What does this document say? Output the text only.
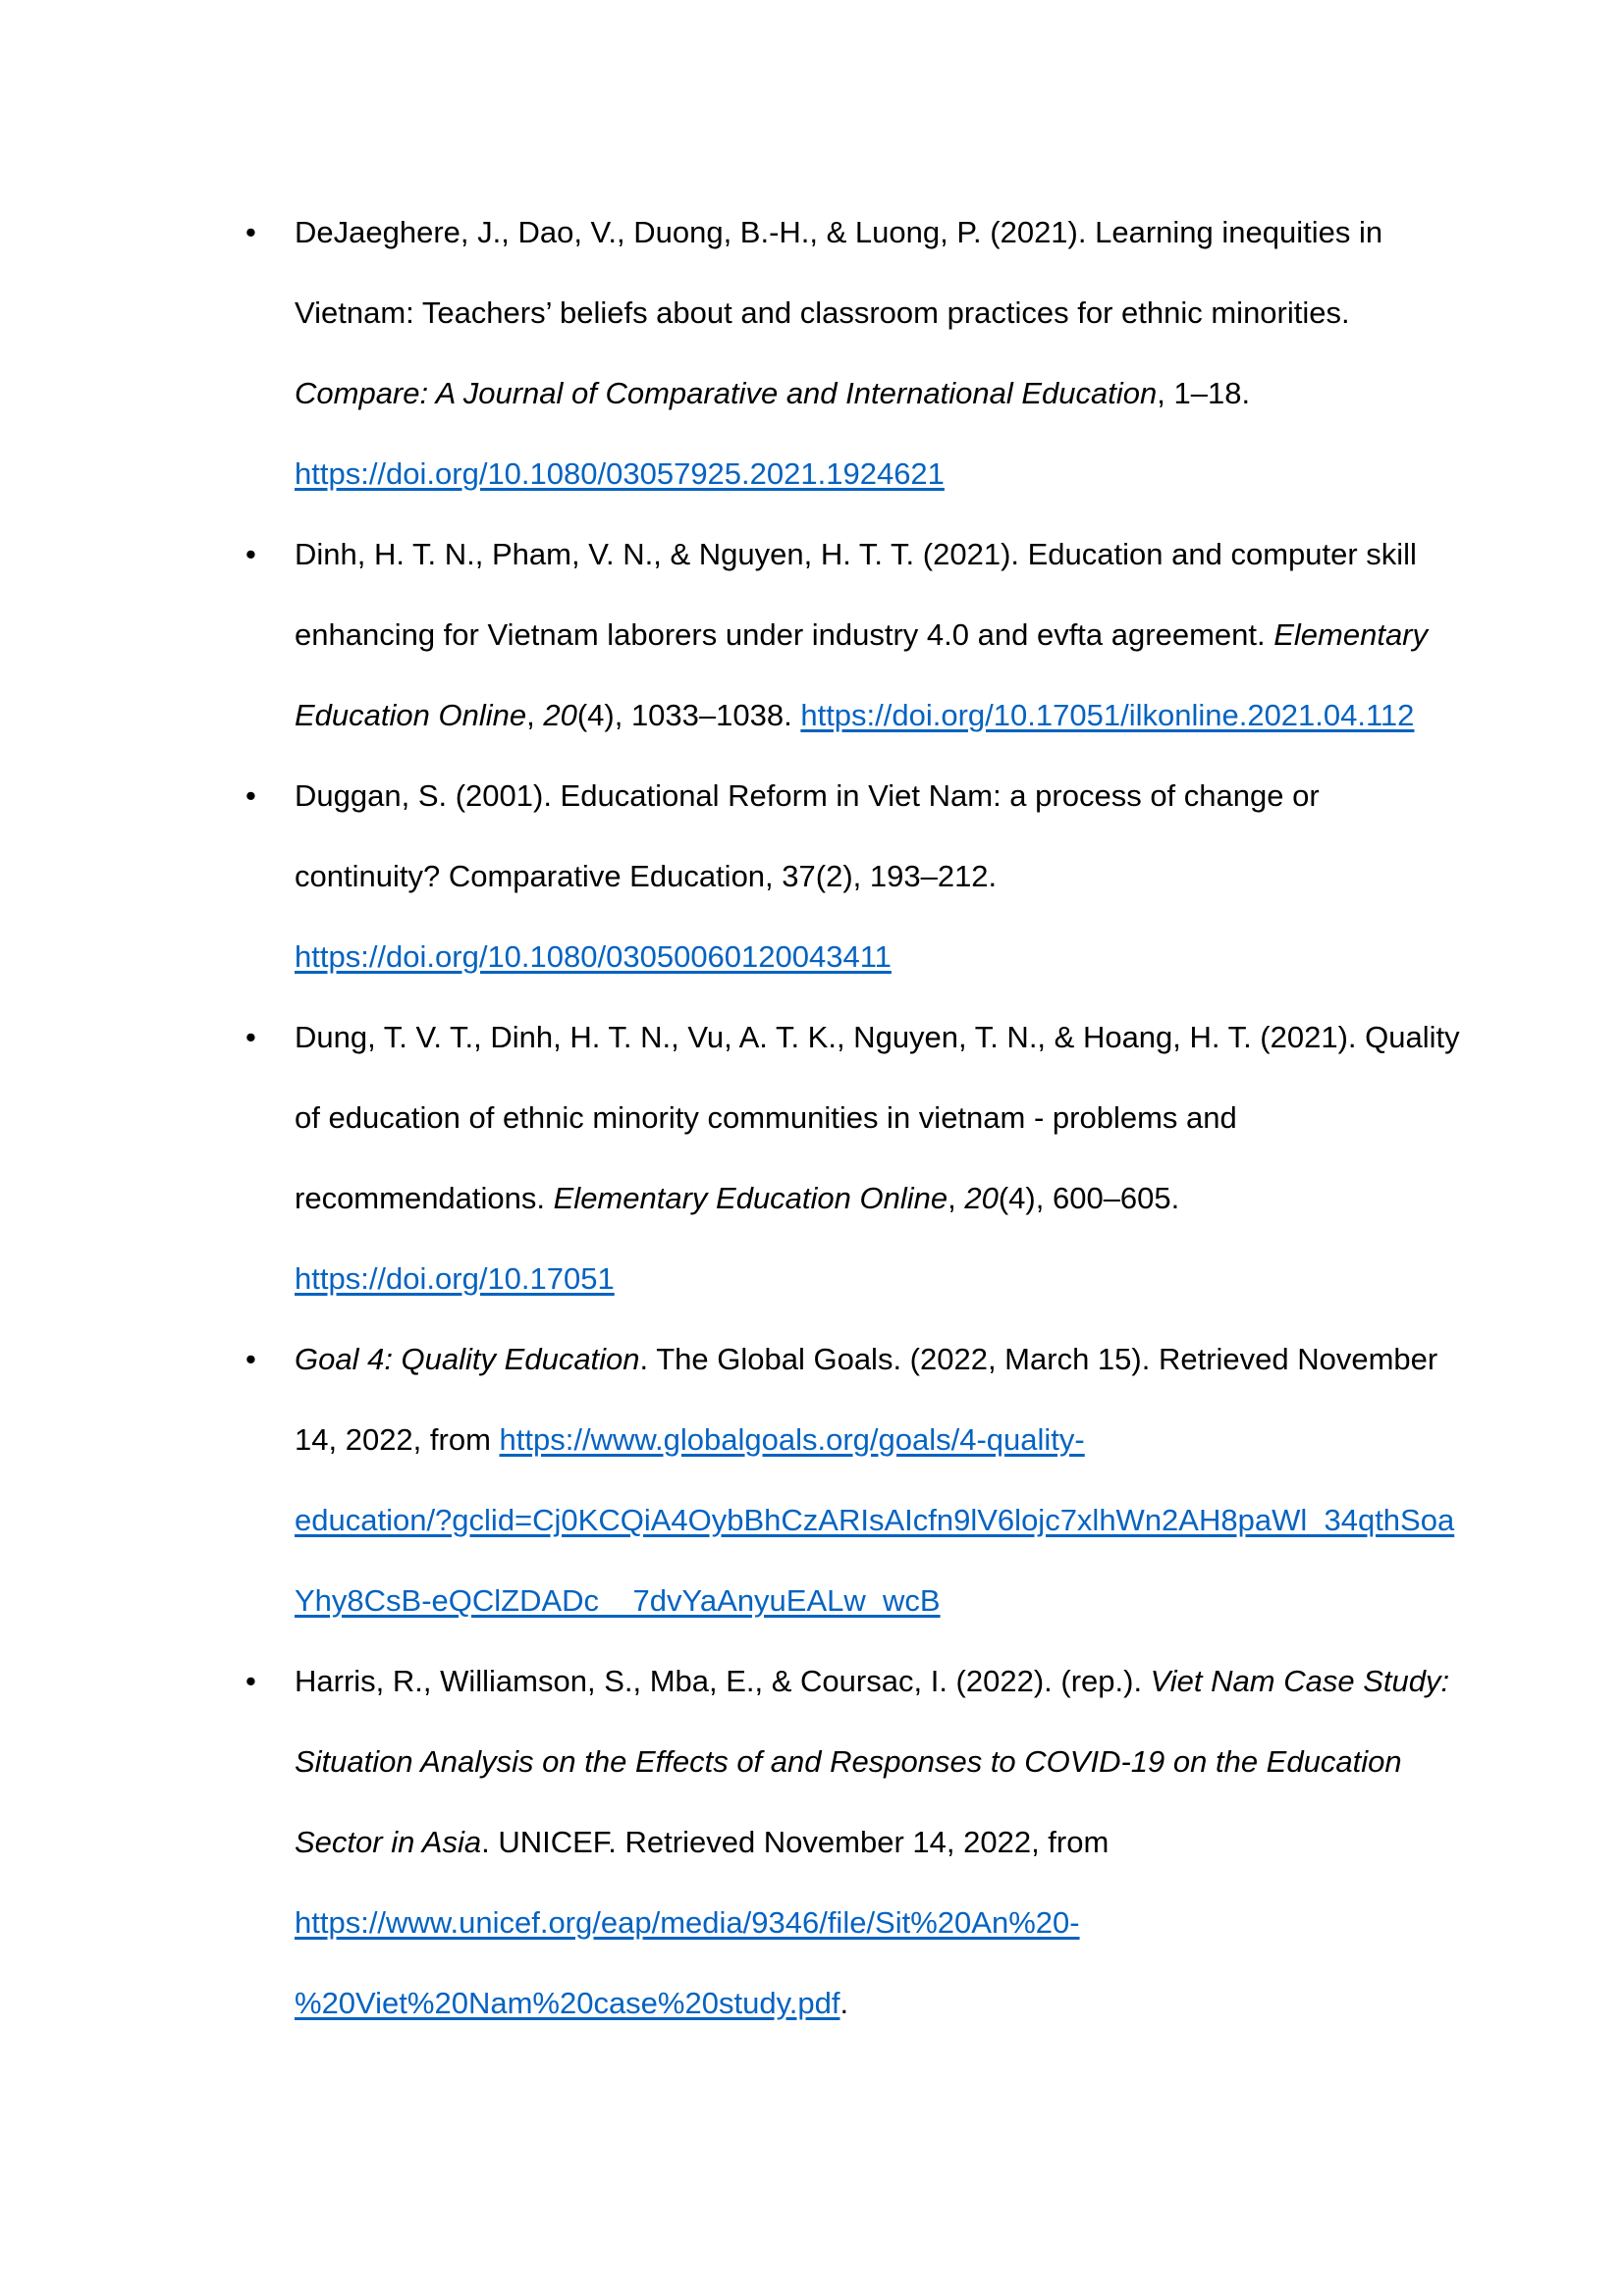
• DeJaeghere, J., Dao, V., Duong, B.-H., & Luong, P. (2021). Learning inequities in
Vietnam: Teachers’ beliefs about and classroom practices for ethnic minorities.
Compare: A Journal of Comparative and International Education, 1–18.
https://doi.org/10.1080/03057925.2021.1924621
• Dinh, H. T. N., Pham, V. N., & Nguyen, H. T. T. (2021). Education and computer skill
enhancing for Vietnam laborers under industry 4.0 and evfta agreement. Elementary
Education Online, 20(4), 1033–1038. https://doi.org/10.17051/ilkonline.2021.04.112
• Duggan, S. (2001). Educational Reform in Viet Nam: a process of change or
continuity? Comparative Education, 37(2), 193–212.
https://doi.org/10.1080/03050060120043411
• Dung, T. V. T., Dinh, H. T. N., Vu, A. T. K., Nguyen, T. N., & Hoang, H. T. (2021). Quality
of education of ethnic minority communities in vietnam - problems and
recommendations. Elementary Education Online, 20(4), 600–605.
https://doi.org/10.17051
• Goal 4: Quality Education. The Global Goals. (2022, March 15). Retrieved November
14, 2022, from https://www.globalgoals.org/goals/4-quality-
education/?gclid=Cj0KCQiA4OybBhCzARIsAIcfn9lV6lojc7xlhWn2AH8paWl_34qthSoa
Yhy8CsB-eQClZDADc__7dvYaAnyuEALw_wcB
• Harris, R., Williamson, S., Mba, E., & Coursac, I. (2022). (rep.). Viet Nam Case Study:
Situation Analysis on the Effects of and Responses to COVID-19 on the Education
Sector in Asia. UNICEF. Retrieved November 14, 2022, from
https://www.unicef.org/eap/media/9346/file/Sit%20An%20-
%20Viet%20Nam%20case%20study.pdf.
